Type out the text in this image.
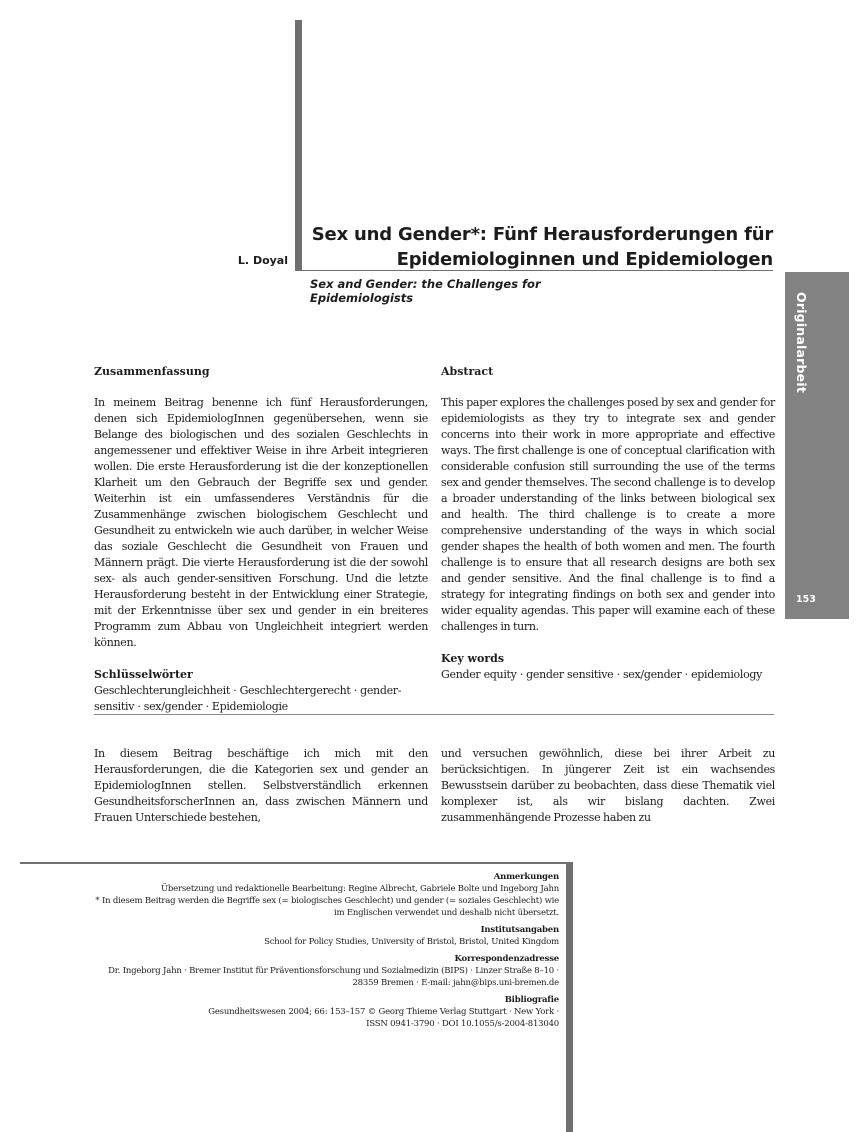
L. Doyal
Sex und Gender*: Fünf Herausforderungen für
Epidemiologinnen und Epidemiologen
Sex and Gender: the Challenges for Epidemiologists	Originalarbeit
153
Zusammenfassung

In meinem Beitrag benenne ich fünf Herausforderungen, denen sich EpidemiologInnen gegenübersehen, wenn sie Belange des biologischen und des sozialen Geschlechts in angemessener und effektiver Weise in ihre Arbeit integrieren wollen. Die erste Herausforderung ist die der konzeptionellen Klarheit um den Gebrauch der Begriffe sex und gender. Weiterhin ist ein umfassenderes Verständnis für die Zusammenhänge zwischen biologischem Geschlecht und Gesundheit zu entwickeln wie auch darüber, in welcher Weise das soziale Geschlecht die Gesundheit von Frauen und Männern prägt. Die vierte Herausforderung ist die der sowohl sex- als auch gender-sensitiven Forschung. Und die letzte Herausforderung besteht in der Entwicklung einer Strategie, mit der Erkenntnisse über sex und gender in ein breiteres Programm zum Abbau von Ungleichheit integriert werden können.

Schlüsselwörter

Geschlechterungleichheit · Geschlechtergerecht · gender-sensitiv · sex/gender · Epidemiologie

Abstract

This paper explores the challenges posed by sex and gender for epidemiologists as they try to integrate sex and gender concerns into their work in more appropriate and effective ways. The first challenge is one of conceptual clarification with considerable confusion still surrounding the use of the terms sex and gender themselves. The second challenge is to develop a broader understanding of the links between biological sex and health. The third challenge is to create a more comprehensive understanding of the ways in which social gender shapes the health of both women and men. The fourth challenge is to ensure that all research designs are both sex and gender sensitive. And the final challenge is to find a strategy for integrating findings on both sex and gender into wider equality agendas. This paper will examine each of these challenges in turn.

Key words

Gender equity · gender sensitive · sex/gender · epidemiology

In diesem Beitrag beschäftige ich mich mit den Herausforderungen, die die Kategorien sex und gender an EpidemiologInnen stellen. Selbstverständlich erkennen GesundheitsforscherInnen an, dass zwischen Männern und Frauen Unterschiede bestehen,

und versuchen gewöhnlich, diese bei ihrer Arbeit zu berücksichtigen. In jüngerer Zeit ist ein wachsendes Bewusstsein darüber zu beobachten, dass diese Thematik viel komplexer ist, als wir bislang dachten. Zwei zusammenhängende Prozesse haben zu

Anmerkungen
Übersetzung und redaktionelle Bearbeitung: Regine Albrecht, Gabriele Bolte und Ingeborg Jahn
* In diesem Beitrag werden die Begriffe sex (= biologisches Geschlecht) und gender (= soziales Geschlecht) wie
im Englischen verwendet und deshalb nicht übersetzt.
Institutsangaben
School for Policy Studies, University of Bristol, Bristol, United Kingdom
Korrespondenzadresse
Dr. Ingeborg Jahn · Bremer Institut für Präventionsforschung und Sozialmedizin (BIPS) · Linzer Straße 8–10 ·
28359 Bremen · E-mail: jahn@bips.uni-bremen.de
Bibliografie
Gesundheitswesen 2004; 66: 153–157 © Georg Thieme Verlag Stuttgart · New York ·
ISSN 0941-3790 · DOI 10.1055/s-2004-813040
